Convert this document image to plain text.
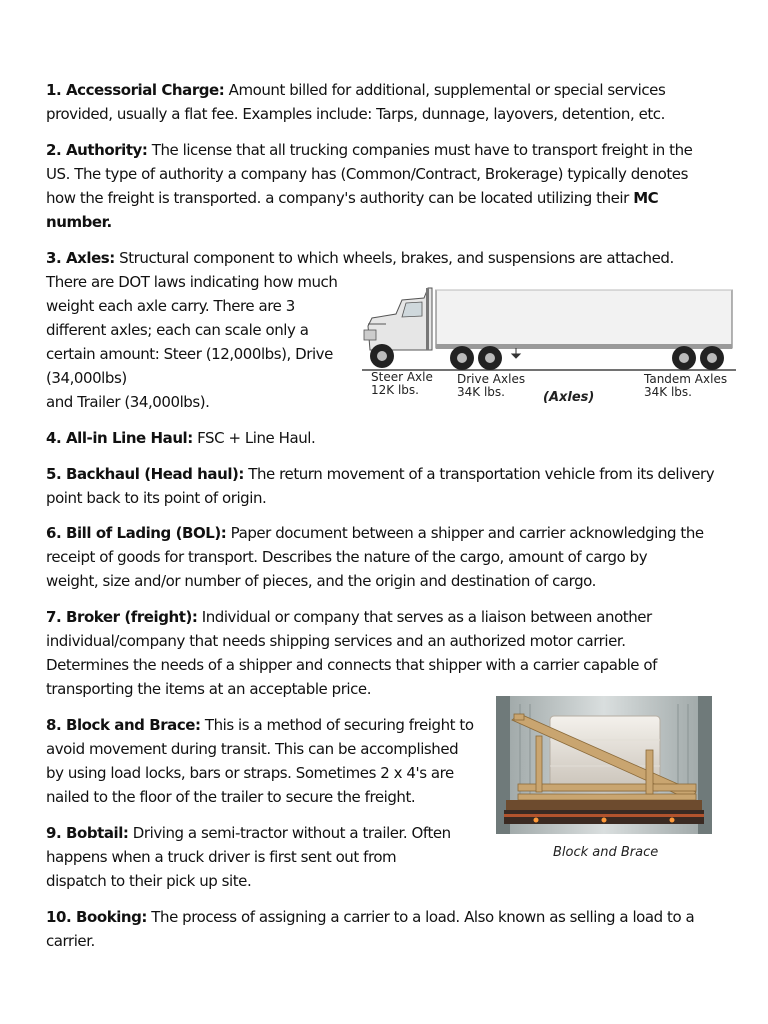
1. Accessorial Charge: Amount billed for additional, supplemental or special services
provided, usually a flat fee. Examples include: Tarps, dunnage, layovers, detention, etc.

2. Authority: The license that all trucking companies must have to transport freight in the
US. The type of authority a company has (Common/Contract, Brokerage) typically denotes
how the freight is transported. a company's authority can be located utilizing their MC
number.

3. Axles: Structural component to which wheels, brakes, and suspensions are attached.
There are DOT laws indicating how much
weight each axle carry. There are 3
different axles; each can scale only a
certain amount: Steer (12,000lbs), Drive
(34,000lbs)
and Trailer (34,000lbs).

Steer Axle
12K lbs.
Drive Axles
34K lbs.
Tandem Axles
34K lbs.
(Axles)

4. All-in Line Haul: FSC + Line Haul.

5. Backhaul (Head haul): The return movement of a transportation vehicle from its delivery
point back to its point of origin.

6. Bill of Lading (BOL): Paper document between a shipper and carrier acknowledging the
receipt of goods for transport. Describes the nature of the cargo, amount of cargo by
weight, size and/or number of pieces, and the origin and destination of cargo.

7. Broker (freight): Individual or company that serves as a liaison between another
individual/company that needs shipping services and an authorized motor carrier.
Determines the needs of a shipper and connects that shipper with a carrier capable of
transporting the items at an acceptable price.

Block and Brace

8. Block and Brace: This is a method of securing freight to
avoid movement during transit. This can be accomplished
by using load locks, bars or straps. Sometimes 2 x 4's are
nailed to the floor of the trailer to secure the freight.

9. Bobtail: Driving a semi-tractor without a trailer. Often
happens when a truck driver is first sent out from
dispatch to their pick up site.

10. Booking: The process of assigning a carrier to a load. Also known as selling a load to a
carrier.
